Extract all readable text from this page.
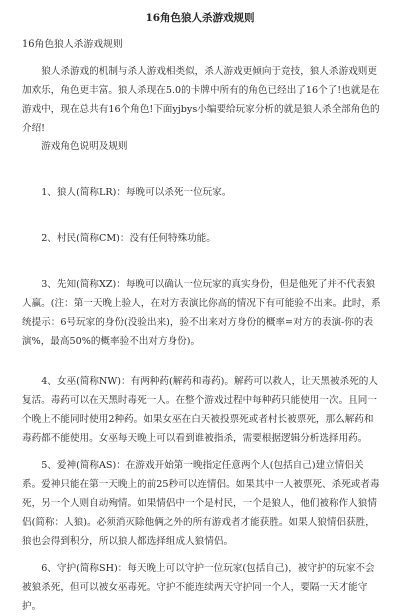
16角色狼人杀游戏规则
16角色狼人杀游戏规则
狼人杀游戏的机制与杀人游戏相类似，杀人游戏更倾向于竞技，狼人杀游戏则更加欢乐，角色更丰富。狼人杀现在5.0的卡牌中所有的角色已经出了16个了!也就是在游戏中，现在总共有16个角色!下面yjbys小编要给玩家分析的就是狼人杀全部角色的介绍!
游戏角色说明及规则
1、狼人(简称LR)：每晚可以杀死一位玩家。
2、村民(简称CM)：没有任何特殊功能。
3、先知(简称XZ)：每晚可以确认一位玩家的真实身份，但是他死了并不代表狼人赢。(注：第一天晚上验人，在对方表演比你高的情况下有可能验不出来。此时，系统提示：6号玩家的身份(没验出来)，验不出来对方身份的概率=对方的表演-你的表演%，最高50%的概率验不出对方身份)。
4、女巫(简称NW)：有两种药(解药和毒药)。解药可以救人，让天黑被杀死的人复活。毒药可以在天黑时毒死一人。在整个游戏过程中每种药只能使用一次。且同一个晚上不能同时使用2种药。如果女巫在白天被投票死或者村长被票死，那么解药和毒药都不能使用。女巫每天晚上可以看到谁被指杀，需要根据逻辑分析选择用药。
5、爱神(简称AS)：在游戏开始第一晚指定任意两个人(包括自己)建立情侣关系。爱神只能在第一天晚上的前25秒可以连情侣。如果其中一人被票死、杀死或者毒死，另一个人则自动殉情。如果情侣中一个是村民，一个是狼人，他们被称作人狼情侣(简称：人狼)。必须消灭除他俩之外的所有游戏者才能获胜。如果人狼情侣获胜，狼也会得到积分，所以狼人都选择组成人狼情侣。
6、守护(简称SH)：每天晚上可以守护一位玩家(包括自己)，被守护的玩家不会被狼杀死，但可以被女巫毒死。守护不能连续两天守护同一个人，要隔一天才能守护。
